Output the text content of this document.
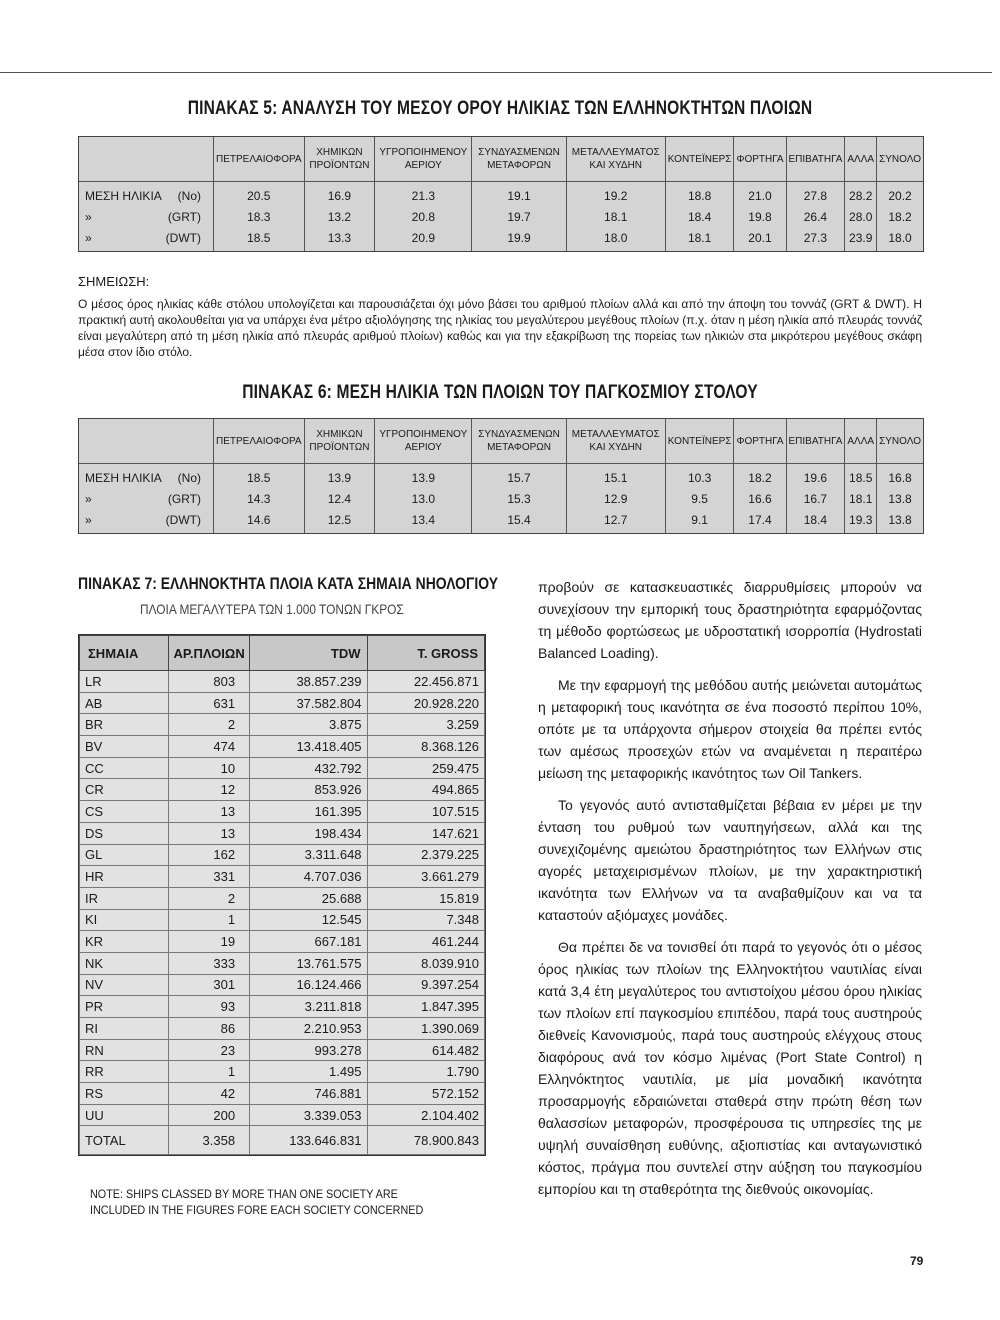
ΠΙΝΑΚΑΣ 5: ΑΝΑΛΥΣΗ ΤΟΥ ΜΕΣΟΥ ΟΡΟΥ ΗΛΙΚΙΑΣ ΤΩΝ ΕΛΛΗΝΟΚΤΗΤΩΝ ΠΛΟΙΩΝ
	ΠΕΤΡΕΛΑΙΟΦΟΡΑ	ΧΗΜΙΚΩΝ ΠΡΟΪΟΝΤΩΝ	ΥΓΡΟΠΟΙΗΜΕΝΟΥ ΑΕΡΙΟΥ	ΣΥΝΔΥΑΣΜΕΝΩΝ ΜΕΤΑΦΟΡΩΝ	ΜΕΤΑΛΛΕΥΜΑΤΟΣ ΚΑΙ ΧΥΔΗΝ	ΚΟΝΤΕΪΝΕΡΣ	ΦΟΡΤΗΓΑ	ΕΠΙΒΑΤΗΓΑ	ΑΛΛΑ	ΣΥΝΟΛΟ

ΜΕΣΗ ΗΛΙΚΙΑ (No)	20.5	16.9	21.3	19.1	19.2	18.8	21.0	27.8	28.2	20.2

» (GRT)	18.3	13.2	20.8	19.7	18.1	18.4	19.8	26.4	28.0	18.2

» (DWT)	18.5	13.3	20.9	19.9	18.0	18.1	20.1	27.3	23.9	18.0
ΣΗΜΕΙΩΣΗ:
Ο μέσος όρος ηλικίας κάθε στόλου υπολογίζεται και παρουσιάζεται όχι μόνο βάσει του αριθμού πλοίων αλλά και από την άποψη του τοννάζ (GRT & DWT). Η πρακτική αυτή ακολουθείται για να υπάρχει ένα μέτρο αξιολόγησης της ηλικίας του μεγαλύτερου μεγέθους πλοίων (π.χ. όταν η μέση ηλικία από πλευράς τοννάζ είναι μεγαλύτερη από τη μέση ηλικία από πλευράς αριθμού πλοίων) καθώς και για την εξακρίβωση της πορείας των ηλικιών στα μικρότερου μεγέθους σκάφη μέσα στον ίδιο στόλο.
ΠΙΝΑΚΑΣ 6: ΜΕΣΗ ΗΛΙΚΙΑ ΤΩΝ ΠΛΟΙΩΝ ΤΟΥ ΠΑΓΚΟΣΜΙΟΥ ΣΤΟΛΟΥ
	ΠΕΤΡΕΛΑΙΟΦΟΡΑ	ΧΗΜΙΚΩΝ ΠΡΟΪΟΝΤΩΝ	ΥΓΡΟΠΟΙΗΜΕΝΟΥ ΑΕΡΙΟΥ	ΣΥΝΔΥΑΣΜΕΝΩΝ ΜΕΤΑΦΟΡΩΝ	ΜΕΤΑΛΛΕΥΜΑΤΟΣ ΚΑΙ ΧΥΔΗΝ	ΚΟΝΤΕΪΝΕΡΣ	ΦΟΡΤΗΓΑ	ΕΠΙΒΑΤΗΓΑ	ΑΛΛΑ	ΣΥΝΟΛΟ

ΜΕΣΗ ΗΛΙΚΙΑ (No)	18.5	13.9	13.9	15.7	15.1	10.3	18.2	19.6	18.5	16.8

» (GRT)	14.3	12.4	13.0	15.3	12.9	9.5	16.6	16.7	18.1	13.8

» (DWT)	14.6	12.5	13.4	15.4	12.7	9.1	17.4	18.4	19.3	13.8
ΠΙΝΑΚΑΣ 7: ΕΛΛΗΝΟΚΤΗΤΑ ΠΛΟΙΑ ΚΑΤΑ ΣΗΜΑΙΑ ΝΗΟΛΟΓΙΟΥ
ΠΛΟΙΑ ΜΕΓΑΛΥΤΕΡΑ ΤΩΝ 1.000 ΤΟΝΩΝ ΓΚΡΟΣ
ΣΗΜΑΙΑ	ΑΡ.ΠΛΟΙΩΝ	TDW	T. GROSS
LR	803	38.857.239	22.456.871
AB	631	37.582.804	20.928.220
BR	2	3.875	3.259
BV	474	13.418.405	8.368.126
CC	10	432.792	259.475
CR	12	853.926	494.865
CS	13	161.395	107.515
DS	13	198.434	147.621
GL	162	3.311.648	2.379.225
HR	331	4.707.036	3.661.279
IR	2	25.688	15.819
KI	1	12.545	7.348
KR	19	667.181	461.244
NK	333	13.761.575	8.039.910
NV	301	16.124.466	9.397.254
PR	93	3.211.818	1.847.395
RI	86	2.210.953	1.390.069
RN	23	993.278	614.482
RR	1	1.495	1.790
RS	42	746.881	572.152
UU	200	3.339.053	2.104.402
TOTAL	3.358	133.646.831	78.900.843
NOTE: SHIPS CLASSED BY MORE THAN ONE SOCIETY ARE INCLUDED IN THE FIGURES FORE EACH SOCIETY CONCERNED

προβούν σε κατασκευαστικές διαρρυθμίσεις μπορούν να συνεχίσουν την εμπορική τους δραστηριότητα εφαρμόζοντας τη μέθοδο φορτώσεως με υδροστατική ισορροπία (Hydrostati Balanced Loading).

Με την εφαρμογή της μεθόδου αυτής μειώνεται αυτομάτως η μεταφορική τους ικανότητα σε ένα ποσοστό περίπου 10%, οπότε με τα υπάρχοντα σήμερον στοιχεία θα πρέπει εντός των αμέσως προσεχών ετών να αναμένεται η περαιτέρω μείωση της μεταφορικής ικανότητος των Oil Tankers.

Το γεγονός αυτό αντισταθμίζεται βέβαια εν μέρει με την ένταση του ρυθμού των ναυπηγήσεων, αλλά και της συνεχιζομένης αμειώτου δραστηριότητος των Ελλήνων στις αγορές μεταχειρισμένων πλοίων, με την χαρακτηριστική ικανότητα των Ελλήνων να τα αναβαθμίζουν και να τα καταστούν αξιόμαχες μονάδες.

Θα πρέπει δε να τονισθεί ότι παρά το γεγονός ότι ο μέσος όρος ηλικίας των πλοίων της Ελληνοκτήτου ναυτιλίας είναι κατά 3,4 έτη μεγαλύτερος του αντιστοίχου μέσου όρου ηλικίας των πλοίων επί παγκοσμίου επιπέδου, παρά τους αυστηρούς διεθνείς Κανονισμούς, παρά τους αυστηρούς ελέγχους στους διαφόρους ανά τον κόσμο λιμένας (Port State Control) η Ελληνόκτητος ναυτιλία, με μία μοναδική ικανότητα προσαρμογής εδραιώνεται σταθερά στην πρώτη θέση των θαλασσίων μεταφορών, προσφέρουσα τις υπηρεσίες της με υψηλή συναίσθηση ευθύνης, αξιοπιστίας και ανταγωνιστικό κόστος, πράγμα που συντελεί στην αύξηση του παγκοσμίου εμπορίου και τη σταθερότητα της διεθνούς οικονομίας.

79
